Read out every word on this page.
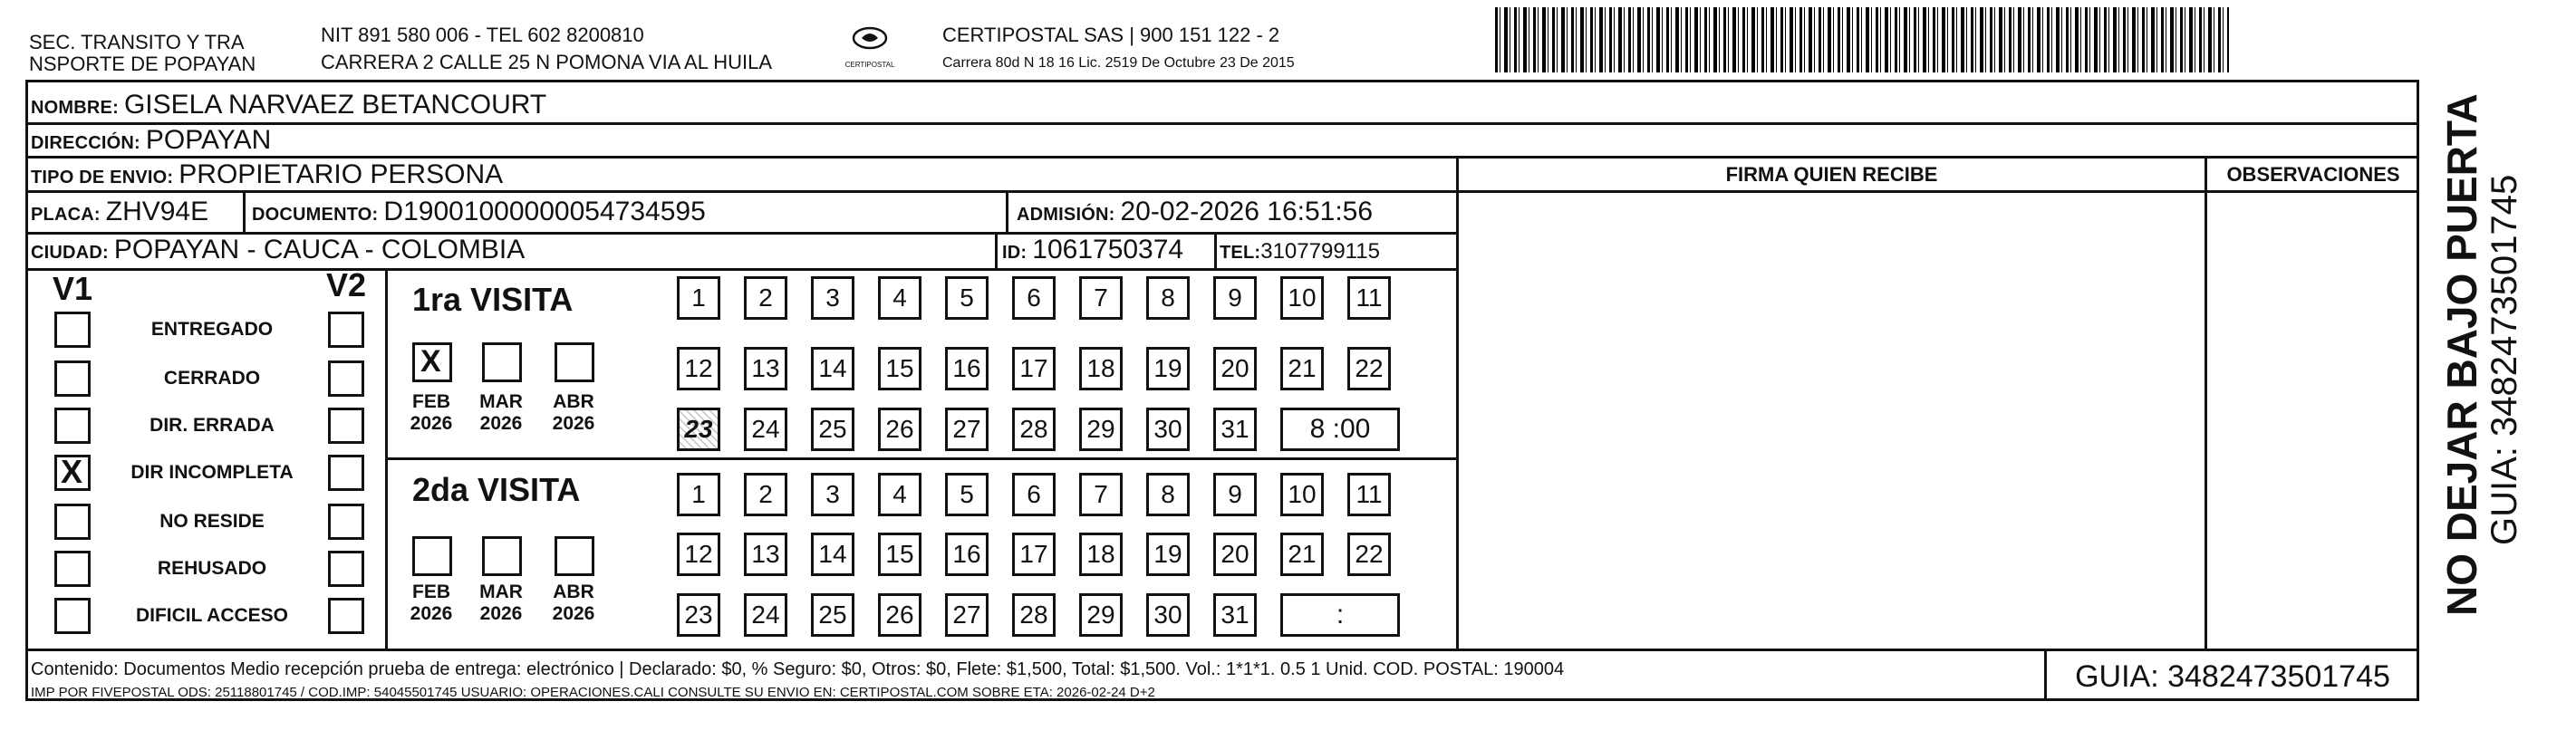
SEC. TRANSITO Y TRA
NSPORTE DE POPAYAN
NIT 891 580 006 - TEL 602 8200810
CARRERA 2 CALLE 25 N POMONA VIA AL HUILA	CERTIPOSTAL
CERTIPOSTAL SAS | 900 151 122 - 2
Carrera 80d N 18 16 Lic. 2519 De Octubre 23 De 2015
NOMBRE: GISELA NARVAEZ BETANCOURT
DIRECCIÓN: POPAYAN
TIPO DE ENVIO: PROPIETARIO PERSONA
PLACA: ZHV94E DOCUMENTO: D19001000000054734595	ADMISIÓN: 20-02-2026 16:51:56
CIUDAD: POPAYAN - CAUCA - COLOMBIA	ID: 1061750374 TEL:3107799115
FIRMA QUIEN RECIBE	OBSERVACIONES
V1	V2
ENTREGADO
CERRADO
DIR. ERRADA
X	DIR INCOMPLETA
NO RESIDE
REHUSADO
DIFICIL ACCESO
1ra VISITA
X
FEB
2026
MAR
2026
ABR
2026
1	2	3	4	5	6	7	8	9	10	11
12	13	14	15	16	17	18	19	20	21	22
23	24	25	26	27	28	29	30	31	8 :00
2da VISITA
FEB
2026
MAR
2026
ABR
2026
1	2	3	4	5	6	7	8	9	10	11
12	13	14	15	16	17	18	19	20	21	22
23	24	25	26	27	28	29	30	31	:
Contenido: Documentos Medio recepción prueba de entrega: electrónico | Declarado: $0, % Seguro: $0, Otros: $0, Flete: $1,500, Total: $1,500. Vol.: 1*1*1. 0.5 1 Unid. COD. POSTAL: 190004
IMP POR FIVEPOSTAL ODS: 25118801745 / COD.IMP: 54045501745 USUARIO: OPERACIONES.CALI CONSULTE SU ENVIO EN: CERTIPOSTAL.COM SOBRE ETA: 2026-02-24 D+2	GUIA: 3482473501745
NO DEJAR BAJO PUERTA GUIA: 3482473501745
